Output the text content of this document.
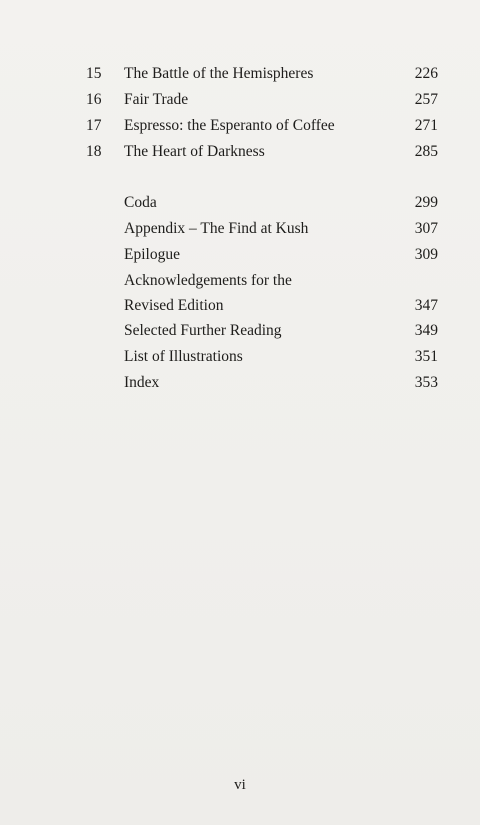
15	The Battle of the Hemispheres	226
16	Fair Trade	257
17	Espresso: the Esperanto of Coffee	271
18	The Heart of Darkness	285
Coda	299
Appendix – The Find at Kush	307
Epilogue	309
Acknowledgements for the
Revised Edition	347
Selected Further Reading	349
List of Illustrations	351
Index	353
vi
